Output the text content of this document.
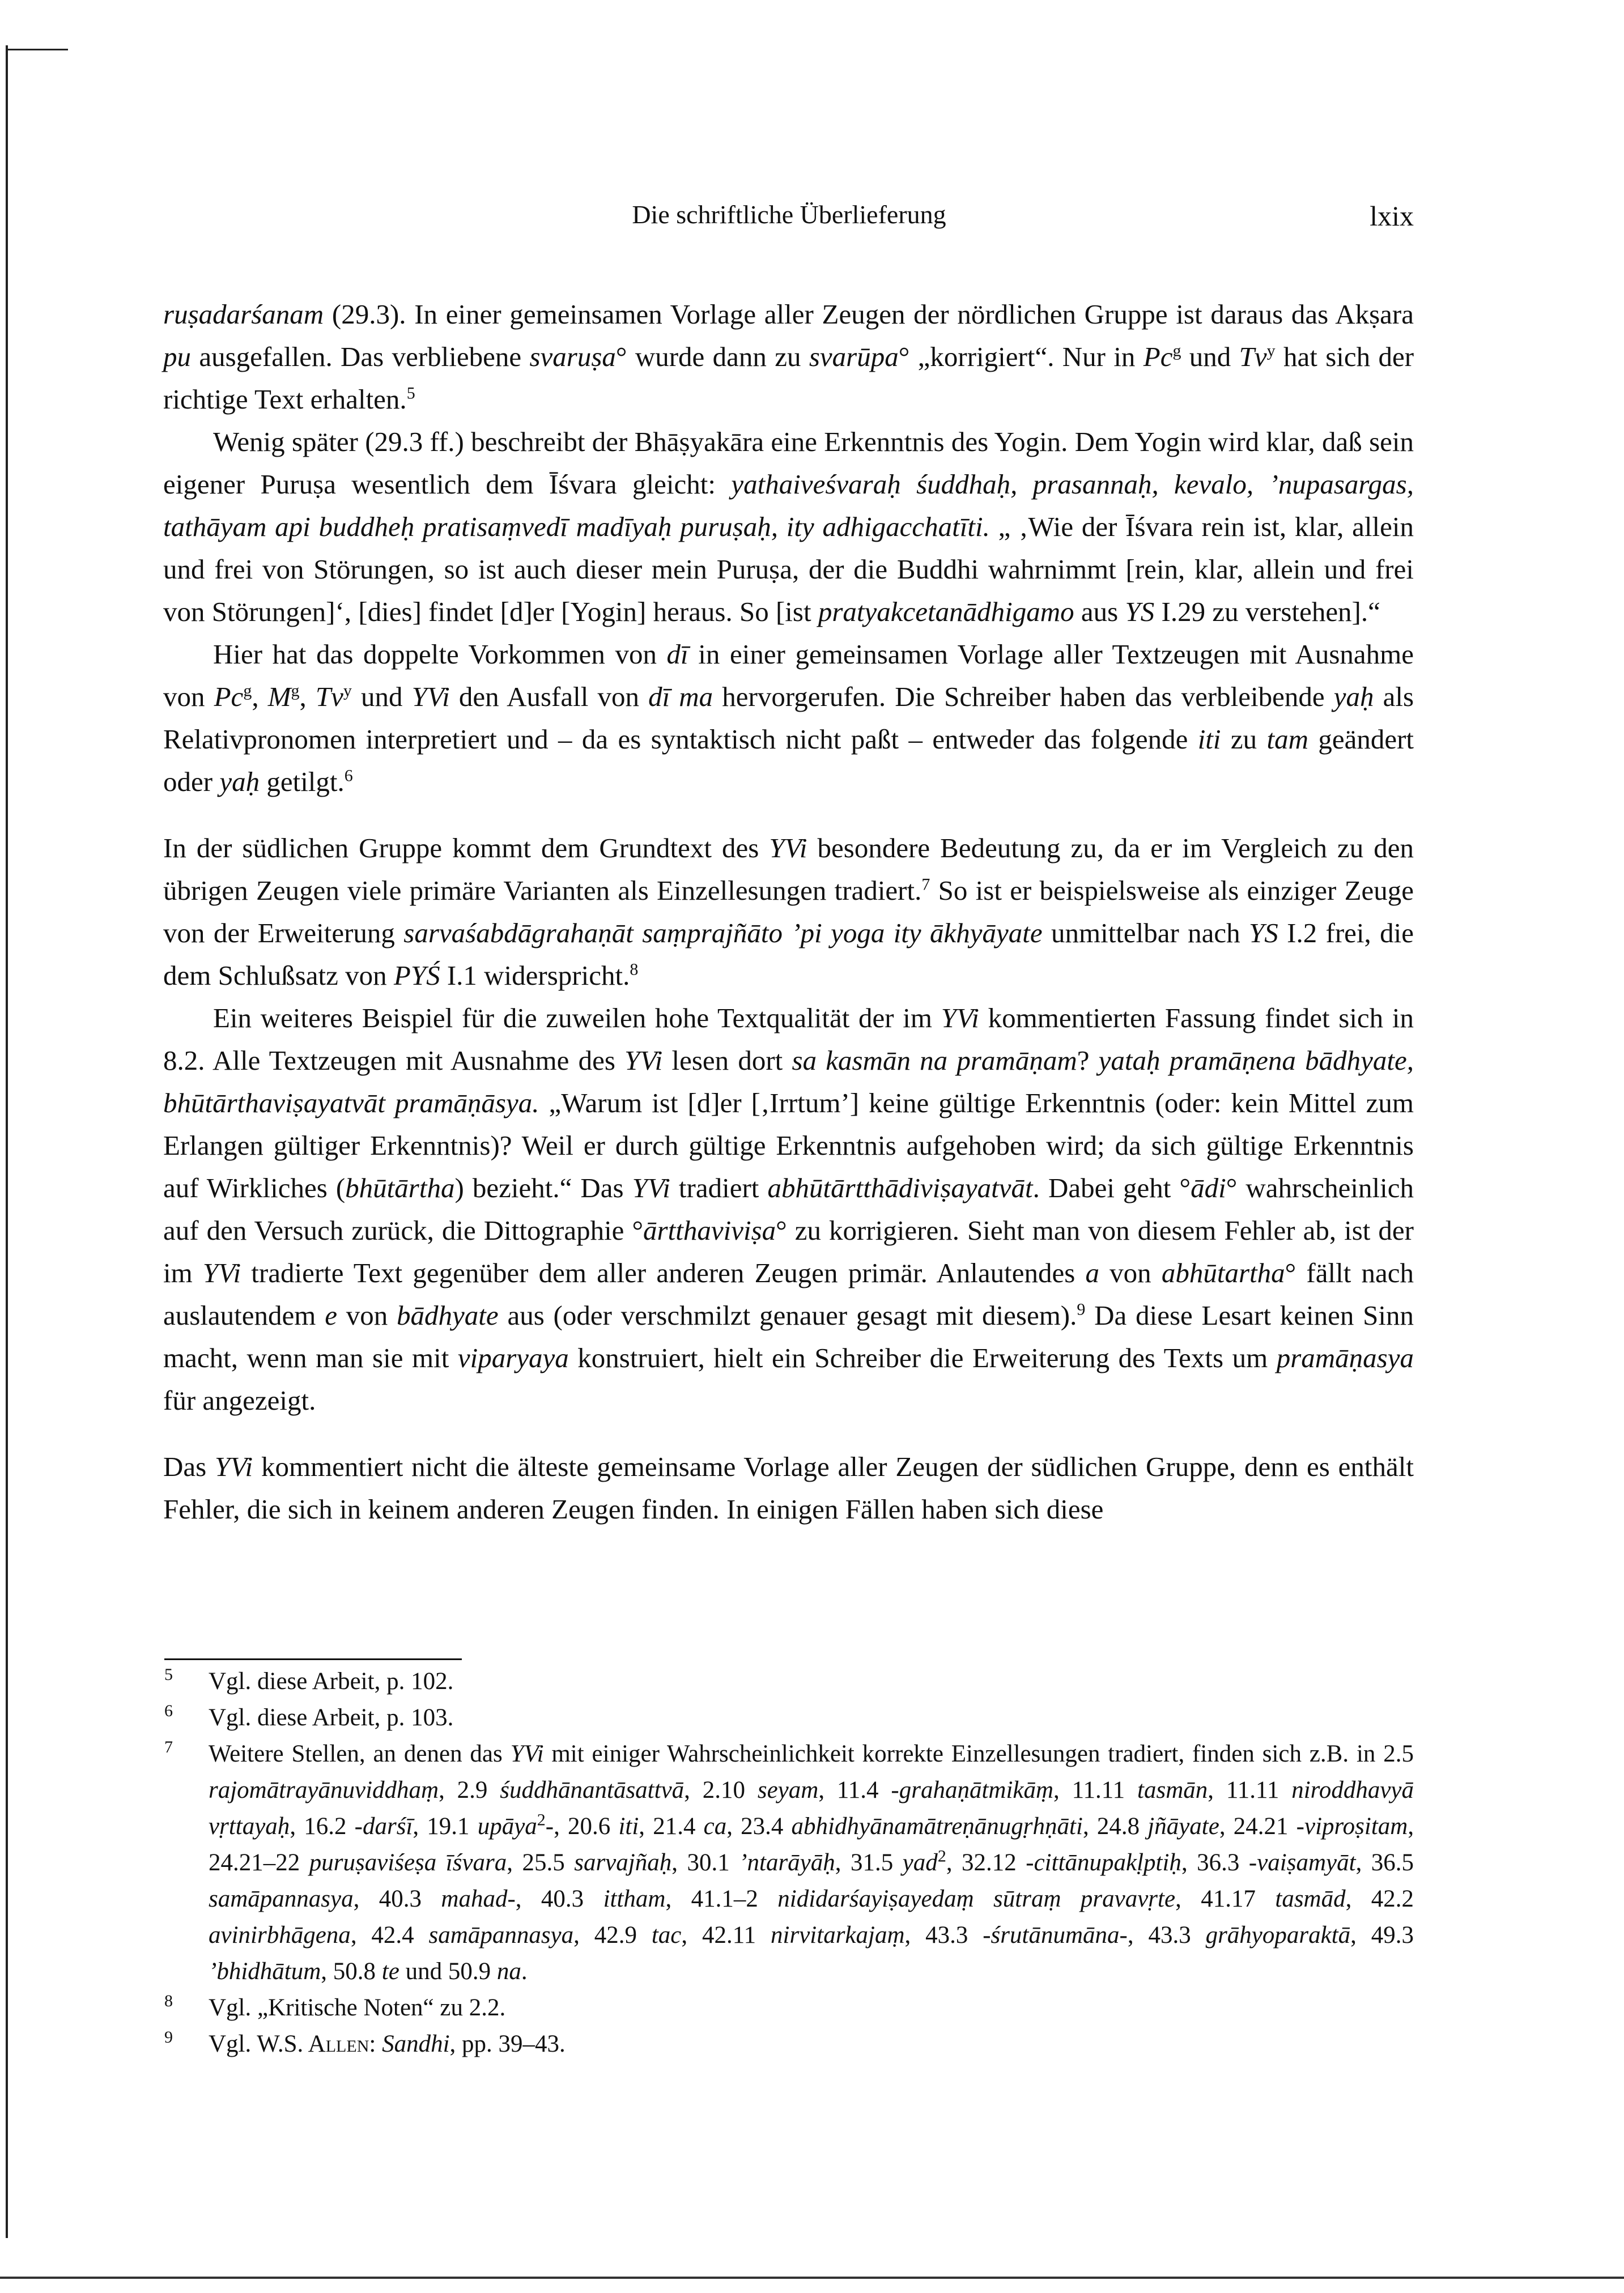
Die schriftliche Überlieferung	lxix

ruṣadarśanam (29.3). In einer gemeinsamen Vorlage aller Zeugen der nördlichen Gruppe ist daraus das Akṣara pu ausgefallen. Das verbliebene svaruṣa° wurde dann zu svarūpa° „korrigiert“. Nur in Pc$^g$ und Tv$^y$ hat sich der richtige Text erhalten.$^5$

Wenig später (29.3 ff.) beschreibt der Bhāṣyakāra eine Erkenntnis des Yogin. Dem Yogin wird klar, daß sein eigener Puruṣa wesentlich dem Īśvara gleicht: yathaiveśvaraḥ śuddhaḥ, prasannaḥ, kevalo, ’nupasargas, tathāyam api buddheḥ pratisaṃvedī madīyaḥ puruṣaḥ, ity adhigacchatīti. „ ‚Wie der Īśvara rein ist, klar, allein und frei von Störungen, so ist auch dieser mein Puruṣa, der die Buddhi wahrnimmt [rein, klar, allein und frei von Störungen]‘, [dies] findet [d]er [Yogin] heraus. So [ist pratyakcetanādhigamo aus YS I.29 zu verstehen].“

Hier hat das doppelte Vorkommen von dī in einer gemeinsamen Vorlage aller Textzeugen mit Ausnahme von Pc$^g$, $M^g$, Tv$^y$ und YVi den Ausfall von dī ma hervorgerufen. Die Schreiber haben das verbleibende yaḥ als Relativpronomen interpretiert und – da es syntaktisch nicht paßt – entweder das folgende iti zu tam geändert oder yaḥ getilgt.$^6$

In der südlichen Gruppe kommt dem Grundtext des YVi besondere Bedeutung zu, da er im Vergleich zu den übrigen Zeugen viele primäre Varianten als Einzellesungen tradiert.$^7$ So ist er beispielsweise als einziger Zeuge von der Erweiterung sarvaśabdāgrahaṇāt saṃprajñāto ’pi yoga ity ākhyāyate unmittelbar nach YS I.2 frei, die dem Schlußsatz von PYŚ I.1 widerspricht.$^8$

Ein weiteres Beispiel für die zuweilen hohe Textqualität der im YVi kommentierten Fassung findet sich in 8.2. Alle Textzeugen mit Ausnahme des YVi lesen dort sa kasmān na pramāṇam? yataḥ pramāṇena bādhyate, bhūtārthaviṣayatvāt pramāṇāsya. „Warum ist [d]er [‚Irrtum’] keine gültige Erkenntnis (oder: kein Mittel zum Erlangen gültiger Erkenntnis)? Weil er durch gültige Erkenntnis aufgehoben wird; da sich gültige Erkenntnis auf Wirkliches (bhūtārtha) bezieht.“ Das YVi tradiert abhūtārtthādiviṣayatvāt. Dabei geht °ādi° wahrscheinlich auf den Versuch zurück, die Dittographie °ārtthaviviṣa° zu korrigieren. Sieht man von diesem Fehler ab, ist der im YVi tradierte Text gegenüber dem aller anderen Zeugen primär. Anlautendes a von abhūtartha° fällt nach auslautendem e von bādhyate aus (oder verschmilzt genauer gesagt mit diesem).$^9$ Da diese Lesart keinen Sinn macht, wenn man sie mit viparyaya konstruiert, hielt ein Schreiber die Erweiterung des Texts um pramāṇasya für angezeigt.

Das YVi kommentiert nicht die älteste gemeinsame Vorlage aller Zeugen der südlichen Gruppe, denn es enthält Fehler, die sich in keinem anderen Zeugen finden. In einigen Fällen haben sich diese

5 Vgl. diese Arbeit, p. 102.
6 Vgl. diese Arbeit, p. 103.
7 Weitere Stellen, an denen das YVi mit einiger Wahrscheinlichkeit korrekte Einzellesungen tradiert, finden sich z.B. in 2.5 rajomātrayānuviddhaṃ, 2.9 śuddhānantāsattvā, 2.10 seyam, 11.4 -grahaṇātmikāṃ, 11.11 tasmān, 11.11 niroddhavyā vṛttayaḥ, 16.2 -darśī, 19.1 upāya$^2$-, 20.6 iti, 21.4 ca, 23.4 abhidhyānamātreṇānugṛhṇāti, 24.8 jñāyate, 24.21 -viproṣitam, 24.21–22 puruṣaviśeṣa īśvara, 25.5 sarvajñaḥ, 30.1 ’ntarāyāḥ, 31.5 yad$^2$, 32.12 -cittānupakḷptiḥ, 36.3 -vaiṣamyāt, 36.5 samāpannasya, 40.3 mahad-, 40.3 ittham, 41.1–2 nididarśayiṣayedaṃ sūtraṃ pravavṛte, 41.17 tasmād, 42.2 avinirbhāgena, 42.4 samāpannasya, 42.9 tac, 42.11 nirvitarkajaṃ, 43.3 -śrutānumāna-, 43.3 grāhyoparaktā, 49.3 ’bhidhātum, 50.8 te und 50.9 na.
8 Vgl. „Kritische Noten“ zu 2.2.
9 Vgl. W.S. Allen: Sandhi, pp. 39–43.
